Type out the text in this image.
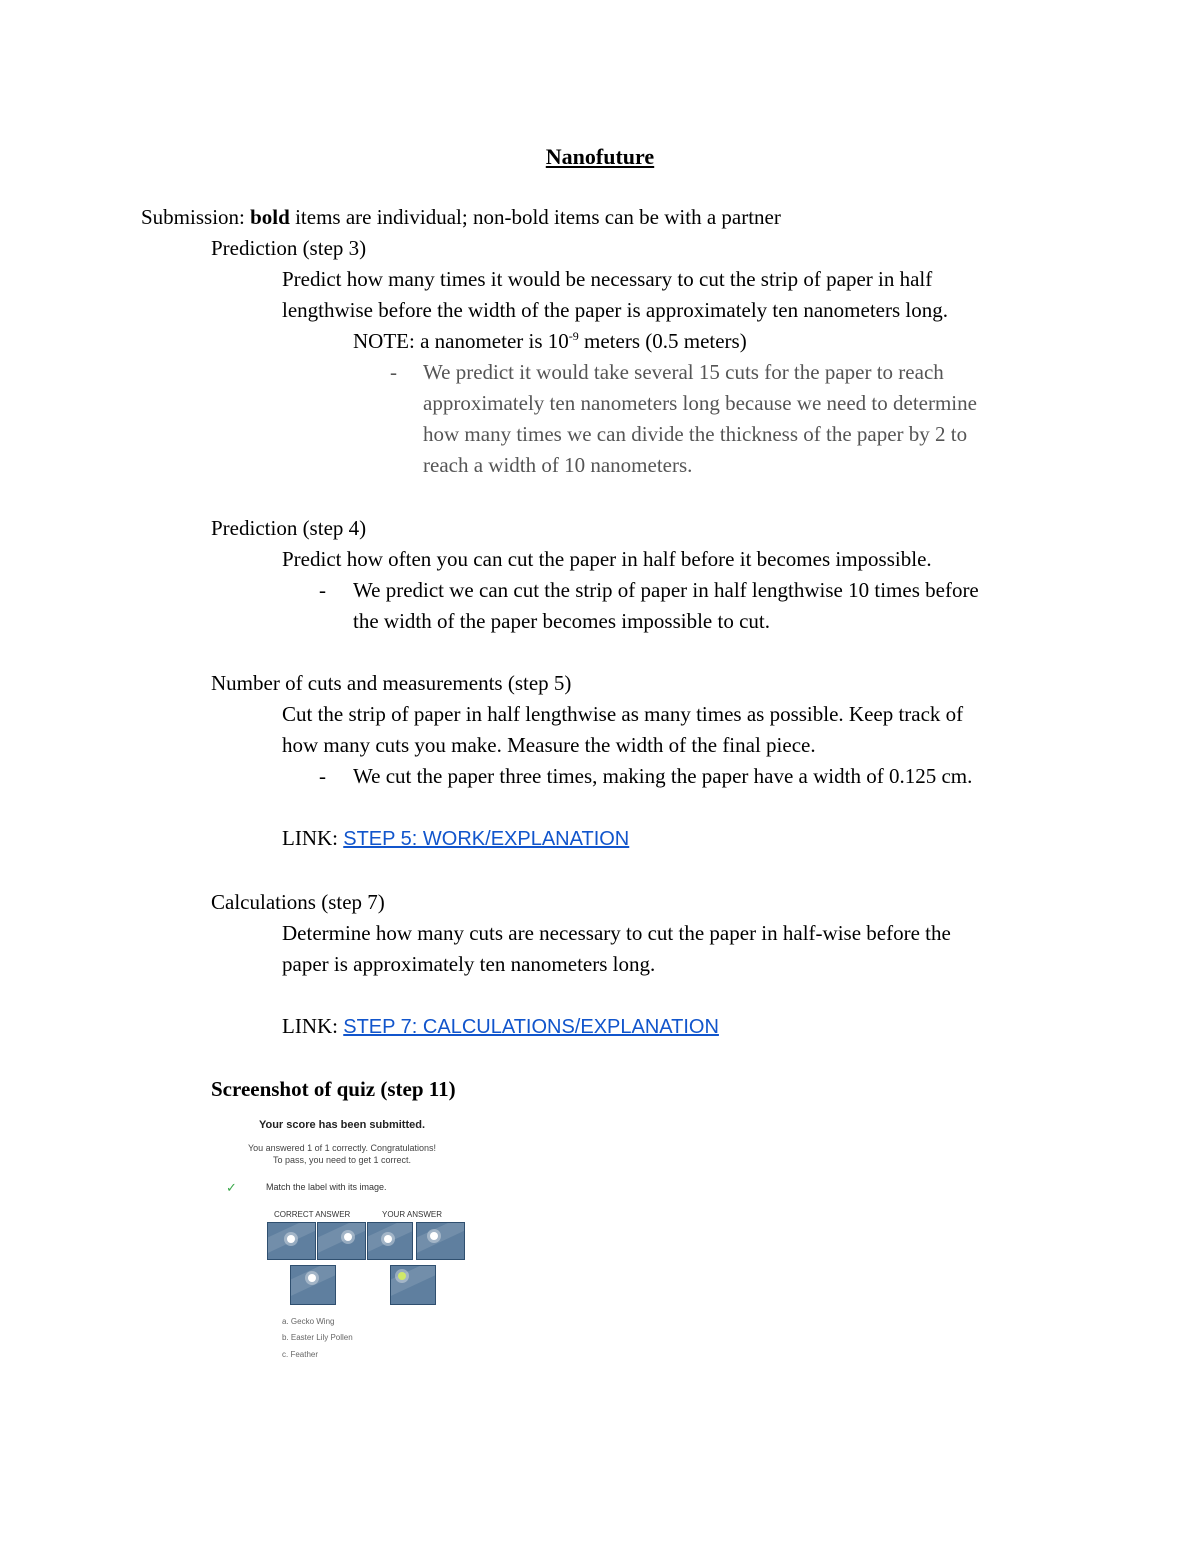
Nanofuture
Submission: bold items are individual; non-bold items can be with a partner
Prediction (step 3)
Predict how many times it would be necessary to cut the strip of paper in half
lengthwise before the width of the paper is approximately ten nanometers long.
NOTE: a nanometer is $10^{-9}$ meters (0.5 meters)
- We predict it would take several 15 cuts for the paper to reach
approximately ten nanometers long because we need to determine
how many times we can divide the thickness of the paper by 2 to
reach a width of 10 nanometers.
Prediction (step 4)
Predict how often you can cut the paper in half before it becomes impossible.
- We predict we can cut the strip of paper in half lengthwise 10 times before
the width of the paper becomes impossible to cut.
Number of cuts and measurements (step 5)
Cut the strip of paper in half lengthwise as many times as possible. Keep track of
how many cuts you make. Measure the width of the final piece.
- We cut the paper three times, making the paper have a width of 0.125 cm.
LINK: STEP 5: WORK/EXPLANATION
Calculations (step 7)
Determine how many cuts are necessary to cut the paper in half-wise before the
paper is approximately ten nanometers long.
LINK: STEP 7: CALCULATIONS/EXPLANATION
Screenshot of quiz (step 11)
Your score has been submitted.
You answered 1 of 1 correctly. Congratulations!
To pass, you need to get 1 correct.
✓	Match the label with its image.
CORRECT ANSWER	YOUR ANSWER
a. Gecko Wing
b. Easter Lily Pollen
c. Feather
